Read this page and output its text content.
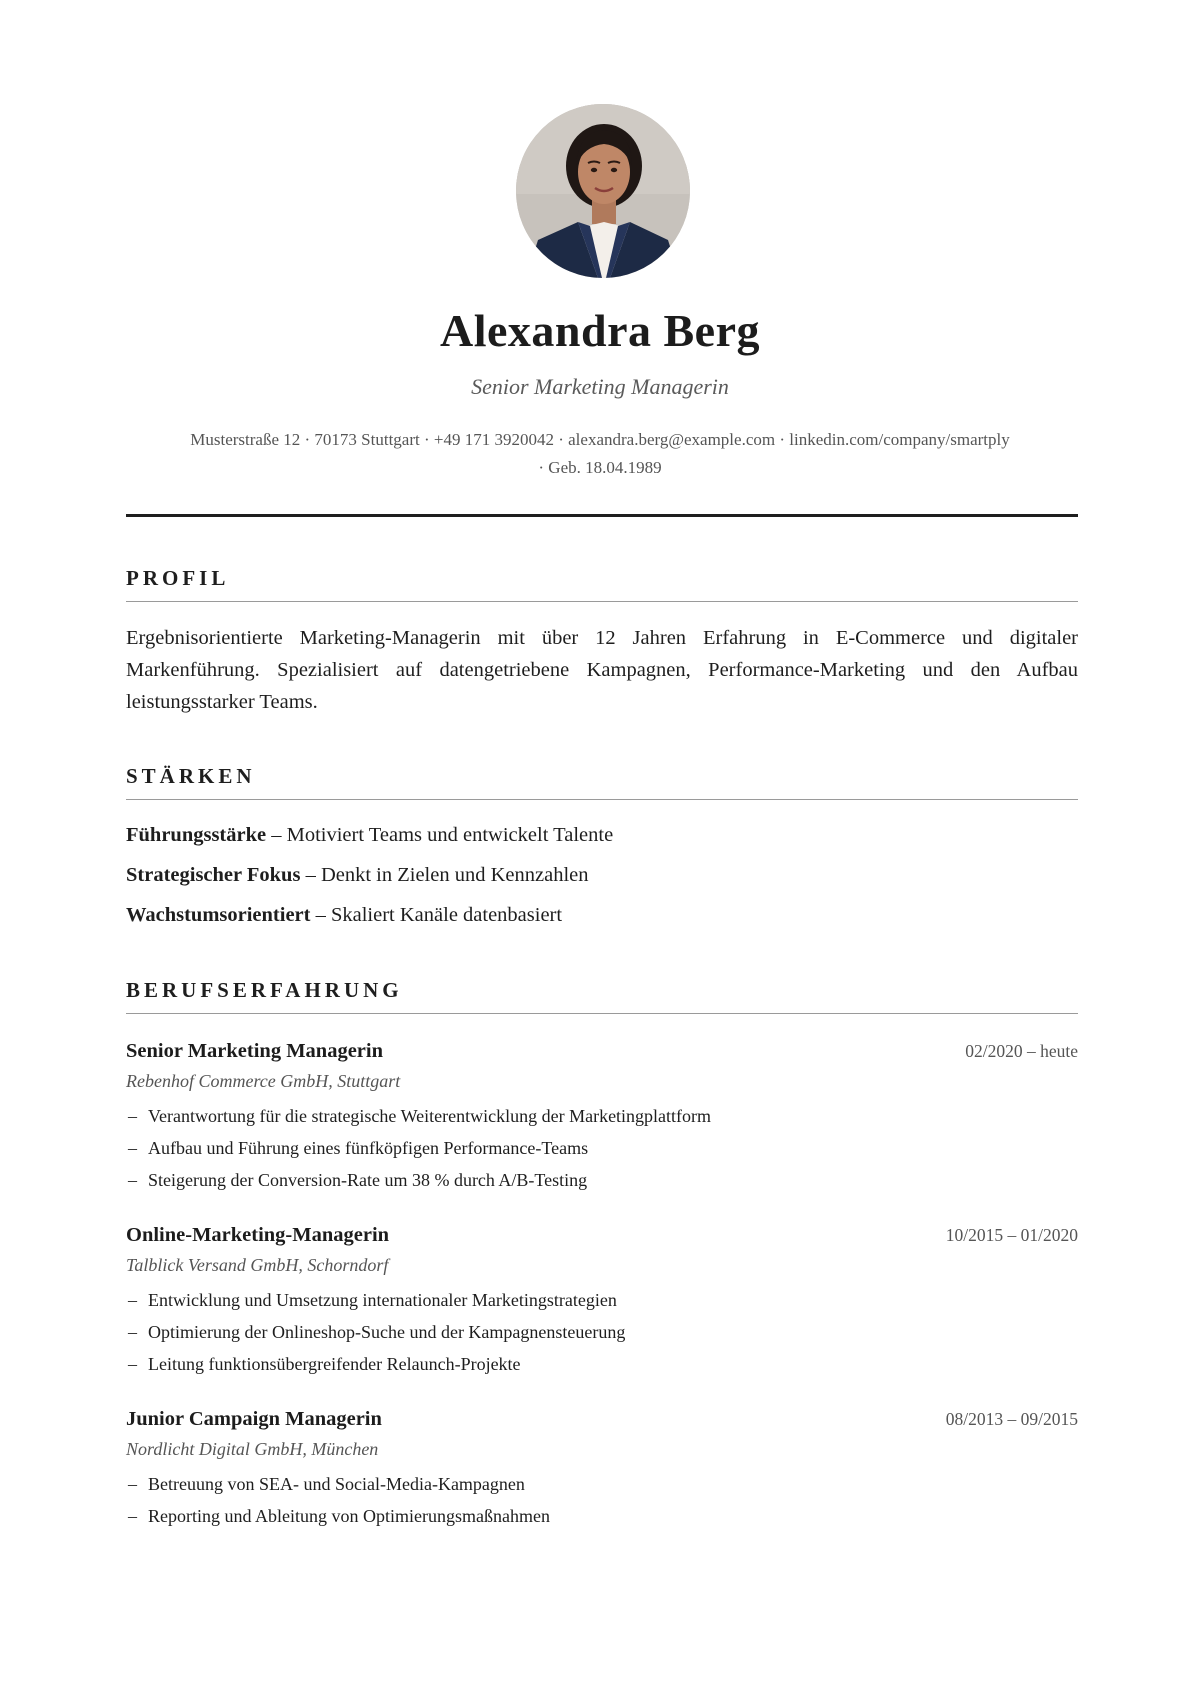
Alexandra Berg
Senior Marketing Managerin
Musterstraße 12 · 70173 Stuttgart · +49 171 3920042 · alexandra.berg@example.com · linkedin.com/company/smartply
· Geb. 18.04.1989
PROFIL
Ergebnisorientierte Marketing-Managerin mit über 12 Jahren Erfahrung in E-Commerce und digitaler Markenführung. Spezialisiert auf datengetriebene Kampagnen, Performance-Marketing und den Aufbau leistungsstarker Teams.
STÄRKEN
Führungsstärke – Motiviert Teams und entwickelt Talente
Strategischer Fokus – Denkt in Zielen und Kennzahlen
Wachstumsorientiert – Skaliert Kanäle datenbasiert
BERUFSERFAHRUNG
Senior Marketing Managerin	02/2020 – heute
Rebenhof Commerce GmbH, Stuttgart
– Verantwortung für die strategische Weiterentwicklung der Marketingplattform
– Aufbau und Führung eines fünfköpfigen Performance-Teams
– Steigerung der Conversion-Rate um 38 % durch A/B-Testing
Online-Marketing-Managerin	10/2015 – 01/2020
Talblick Versand GmbH, Schorndorf
– Entwicklung und Umsetzung internationaler Marketingstrategien
– Optimierung der Onlineshop-Suche und der Kampagnensteuerung
– Leitung funktionsübergreifender Relaunch-Projekte
Junior Campaign Managerin	08/2013 – 09/2015
Nordlicht Digital GmbH, München
– Betreuung von SEA- und Social-Media-Kampagnen
– Reporting und Ableitung von Optimierungsmaßnahmen
